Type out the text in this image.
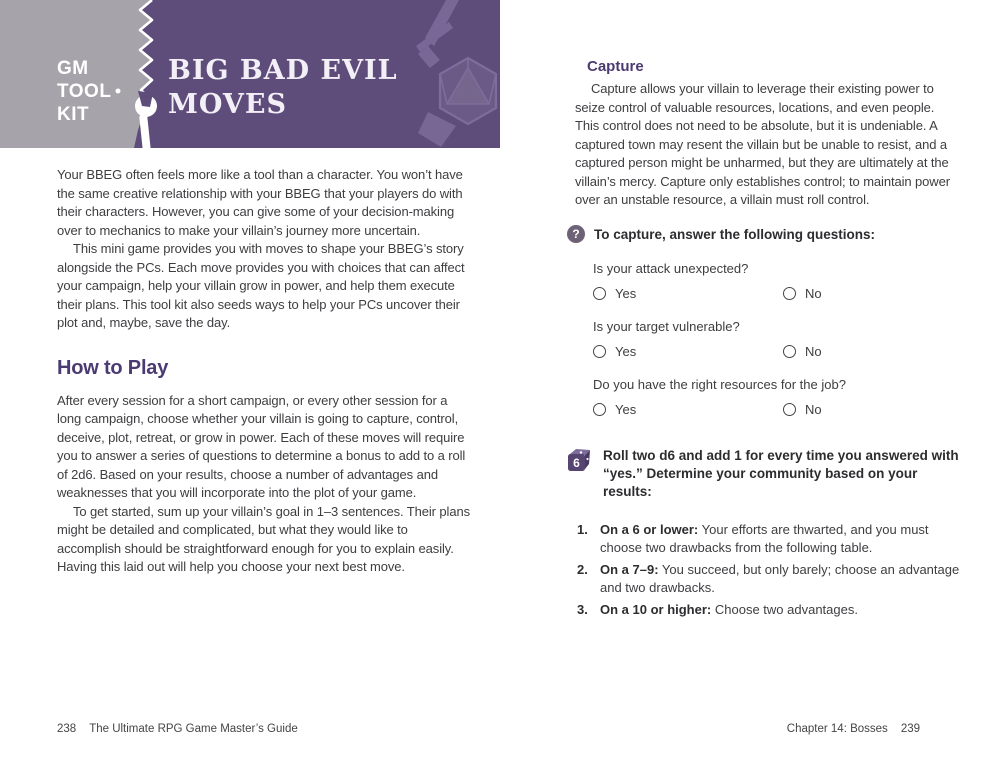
GM
TOOL
KIT
BIG BAD EVIL
MOVES

Your BBEG often feels more like a tool than a character. You won’t have the same creative relationship with your BBEG that your players do with their characters. However, you can give some of your decision-making over to mechanics to make your villain’s journey more uncertain.

This mini game provides you with moves to shape your BBEG’s story alongside the PCs. Each move provides you with choices that can affect your campaign, help your villain grow in power, and help them execute their plans. This tool kit also seeds ways to help your PCs uncover their plot and, maybe, save the day.

How to Play

After every session for a short campaign, or every other session for a long campaign, choose whether your villain is going to capture, control, deceive, plot, retreat, or grow in power. Each of these moves will require you to answer a series of questions to determine a bonus to add to a roll of 2d6. Based on your results, choose a number of advantages and weaknesses that you will incorporate into the plot of your game.

To get started, sum up your villain’s goal in 1–3 sentences. Their plans might be detailed and complicated, but what they would like to accomplish should be straightforward enough for you to explain easily. Having this laid out will help you choose your next best move.

Capture

Capture allows your villain to leverage their existing power to seize control of valuable resources, locations, and even people. This control does not need to be absolute, but it is undeniable. A captured town may resent the villain but be unable to resist, and a captured person might be unharmed, but they are ultimately at the villain’s mercy. Capture only establishes control; to maintain power over an unstable resource, a villain must roll control.

?	To capture, answer the following questions:
Is your attack unexpected?
Yes	No
Is your target vulnerable?
Yes	No
Do you have the right resources for the job?
Yes	No
6 Roll two d6 and add 1 for every time you answered with “yes.” Determine your community based on your results:
1. On a 6 or lower: Your efforts are thwarted, and you must choose two drawbacks from the following table.
2. On a 7–9: You succeed, but only barely; choose an advantage and two drawbacks.
3. On a 10 or higher: Choose two advantages.
238 The Ultimate RPG Game Master’s Guide	Chapter 14: Bosses 239
